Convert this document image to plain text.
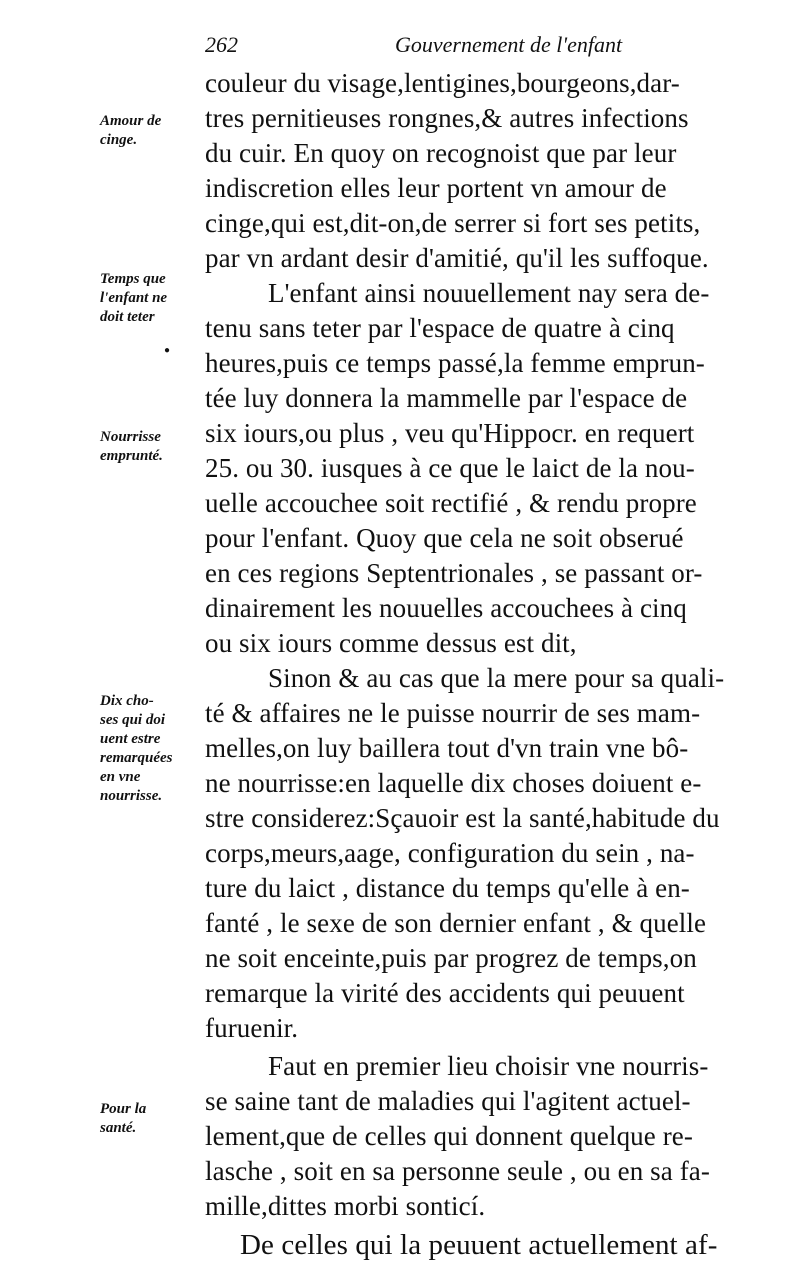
262	Gouvernement de l'enfant
couleur du visage,lentigines,bourgeons,dar-
tres pernitieuses rongnes,& autres infections
du cuir. En quoy on recognoist que par leur
indiscretion elles leur portent vn amour de
cinge,qui est,dit-on,de serrer si fort ses petits,
par vn ardant desir d'amitié, qu'il les suffoque.
L'enfant ainsi nouuellement nay sera de-
tenu sans teter par l'espace de quatre à cinq
heures,puis ce temps passé,la femme emprun-
tée luy donnera la mammelle par l'espace de
six iours,ou plus , veu qu'Hippocr. en requert
25. ou 30. iusques à ce que le laict de la nou-
uelle accouchee soit rectifié , & rendu propre
pour l'enfant. Quoy que cela ne soit obserué
en ces regions Septentrionales , se passant or-
dinairement les nouuelles accouchees à cinq
ou six iours comme dessus est dit,
Sinon & au cas que la mere pour sa quali-
té & affaires ne le puisse nourrir de ses mam-
melles,on luy baillera tout d'vn train vne bô-
ne nourrisse:en laquelle dix choses doiuent e-
stre considerez:Sçauoir est la santé,habitude du
corps,meurs,aage, configuration du sein , na-
ture du laict , distance du temps qu'elle à en-
fanté , le sexe de son dernier enfant , & quelle
ne soit enceinte,puis par progrez de temps,on
remarque la virité des accidents qui peuuent
furuenir.
Faut en premier lieu choisir vne nourris-
se saine tant de maladies qui l'agitent actuel-
lement,que de celles qui donnent quelque re-
lasche , soit en sa personne seule , ou en sa fa-
mille,dittes morbi sonticí.
De celles qui la peuuent actuellement af-
Amour de
cinge.
Temps que
l'enfant ne
doit teter
Nourrisse
emprunté.
Dix cho-
ses qui doi
uent estre
remarquées
en vne
nourrisse.
Pour la
santé.
●
